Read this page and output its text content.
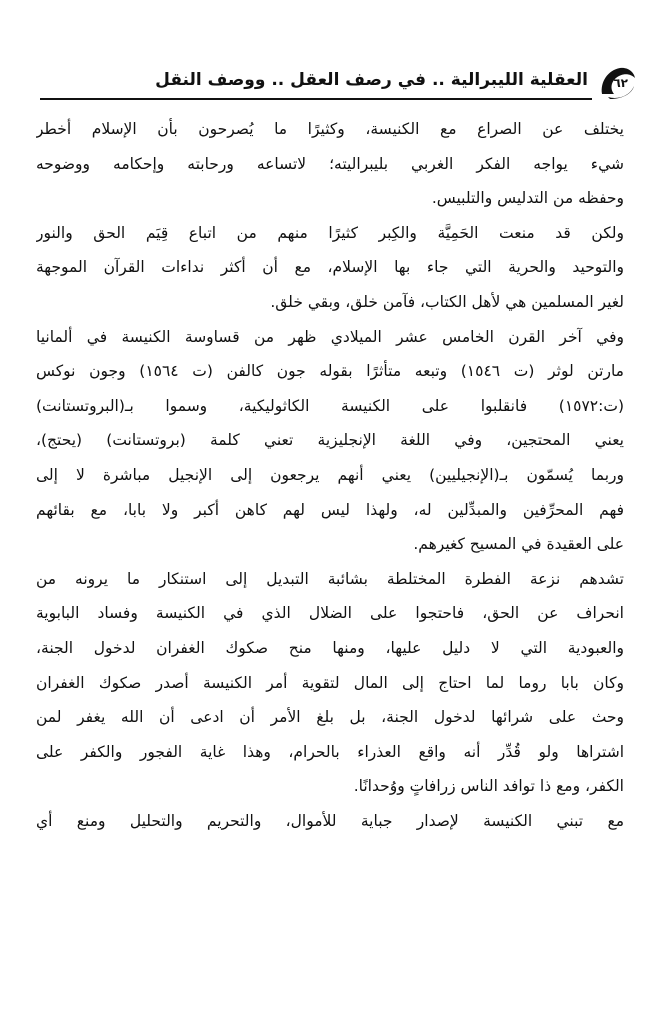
٦٢
العقلية الليبرالية .. في رصف العقل .. ووصف النقل
يختلف عن الصراع مع الكنيسة، وكثيرًا ما يُصرحون بأن الإسلام أخطر
شيء يواجه الفكر الغربي بليبراليته؛ لاتساعه ورحابته وإحكامه ووضوحه
وحفظه من التدليس والتلبيس.
ولكن قد منعت الحَمِيَّة والكِبر كثيرًا منهم من اتباع قِيَم الحق والنور
والتوحيد والحرية التي جاء بها الإسلام، مع أن أكثر نداءات القرآن الموجهة
لغير المسلمين هي لأهل الكتاب، فآمن خلق، وبقي خلق.
وفي آخر القرن الخامس عشر الميلادي ظهر من قساوسة الكنيسة في ألمانيا
مارتن لوثر (ت ١٥٤٦) وتبعه متأثرًا بقوله جون كالفن (ت ١٥٦٤) وجون نوكس
(ت:١٥٧٢) فانقلبوا على الكنيسة الكاثوليكية، وسموا بـ(البروتستانت)
يعني المحتجين، وفي اللغة الإنجليزية تعني كلمة (بروتستانت) (يحتج)،
وربما يُسمّون بـ(الإنجيليين) يعني أنهم يرجعون إلى الإنجيل مباشرة لا إلى
فهم المحرِّفين والمبدِّلين له، ولهذا ليس لهم كاهن أكبر ولا بابا، مع بقائهم
على العقيدة في المسيح كغيرهم.
تشدهم نزعة الفطرة المختلطة بشائبة التبديل إلى استنكار ما يرونه من
انحراف عن الحق، فاحتجوا على الضلال الذي في الكنيسة وفساد البابوية
والعبودية التي لا دليل عليها، ومنها منح صكوك الغفران لدخول الجنة،
وكان بابا روما لما احتاج إلى المال لتقوية أمر الكنيسة أصدر صكوك الغفران
وحث على شرائها لدخول الجنة، بل بلغ الأمر أن ادعى أن الله يغفر لمن
اشتراها ولو قُدِّر أنه واقع العذراء بالحرام، وهذا غاية الفجور والكفر على
الكفر، ومع ذا توافد الناس زرافاتٍ ووُحدانًا.
مع تبني الكنيسة لإصدار جباية للأموال، والتحريم والتحليل ومنع أي
